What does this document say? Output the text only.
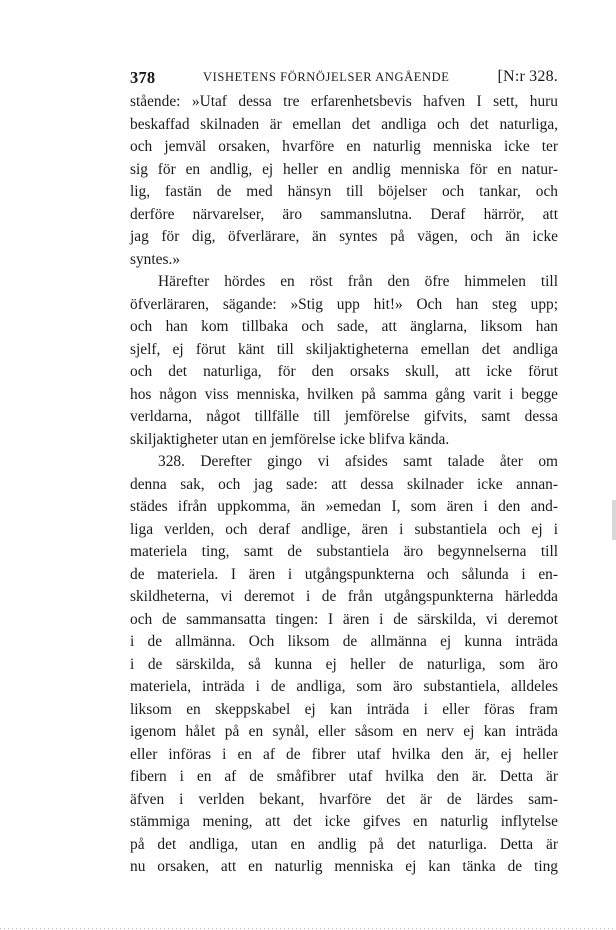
378	VISHETENS FÖRNÖJELSER ANGÅENDE	[N:r 328.
stående: »Utaf dessa tre erfarenhetsbevis hafven I sett, huru
beskaffad skilnaden är emellan det andliga och det naturliga,
och jemväl orsaken, hvarföre en naturlig menniska icke ter
sig för en andlig, ej heller en andlig menniska för en natur-
lig, fastän de med hänsyn till böjelser och tankar, och
derföre närvarelser, äro sammanslutna. Deraf härrör, att
jag för dig, öfverlärare, än syntes på vägen, och än icke
syntes.»
Härefter hördes en röst från den öfre himmelen till
öfverläraren, sägande: »Stig upp hit!» Och han steg upp;
och han kom tillbaka och sade, att änglarna, liksom han
sjelf, ej förut känt till skiljaktigheterna emellan det andliga
och det naturliga, för den orsaks skull, att icke förut
hos någon viss menniska, hvilken på samma gång varit i begge
verldarna, något tillfälle till jemförelse gifvits, samt dessa
skiljaktigheter utan en jemförelse icke blifva kända.
328. Derefter gingo vi afsides samt talade åter om
denna sak, och jag sade: att dessa skilnader icke annan-
städes ifrån uppkomma, än »emedan I, som ären i den and-
liga verlden, och deraf andlige, ären i substantiela och ej i
materiela ting, samt de substantiela äro begynnelserna till
de materiela. I ären i utgångspunkterna och sålunda i en-
skildheterna, vi deremot i de från utgångspunkterna härledda
och de sammansatta tingen: I ären i de särskilda, vi deremot
i de allmänna. Och liksom de allmänna ej kunna inträda
i de särskilda, så kunna ej heller de naturliga, som äro
materiela, inträda i de andliga, som äro substantiela, alldeles
liksom en skeppskabel ej kan inträda i eller föras fram
igenom hålet på en synål, eller såsom en nerv ej kan inträda
eller införas i en af de fibrer utaf hvilka den är, ej heller
fibern i en af de småfibrer utaf hvilka den är. Detta är
äfven i verlden bekant, hvarföre det är de lärdes sam-
stämmiga mening, att det icke gifves en naturlig inflytelse
på det andliga, utan en andlig på det naturliga. Detta är
nu orsaken, att en naturlig menniska ej kan tänka de ting
